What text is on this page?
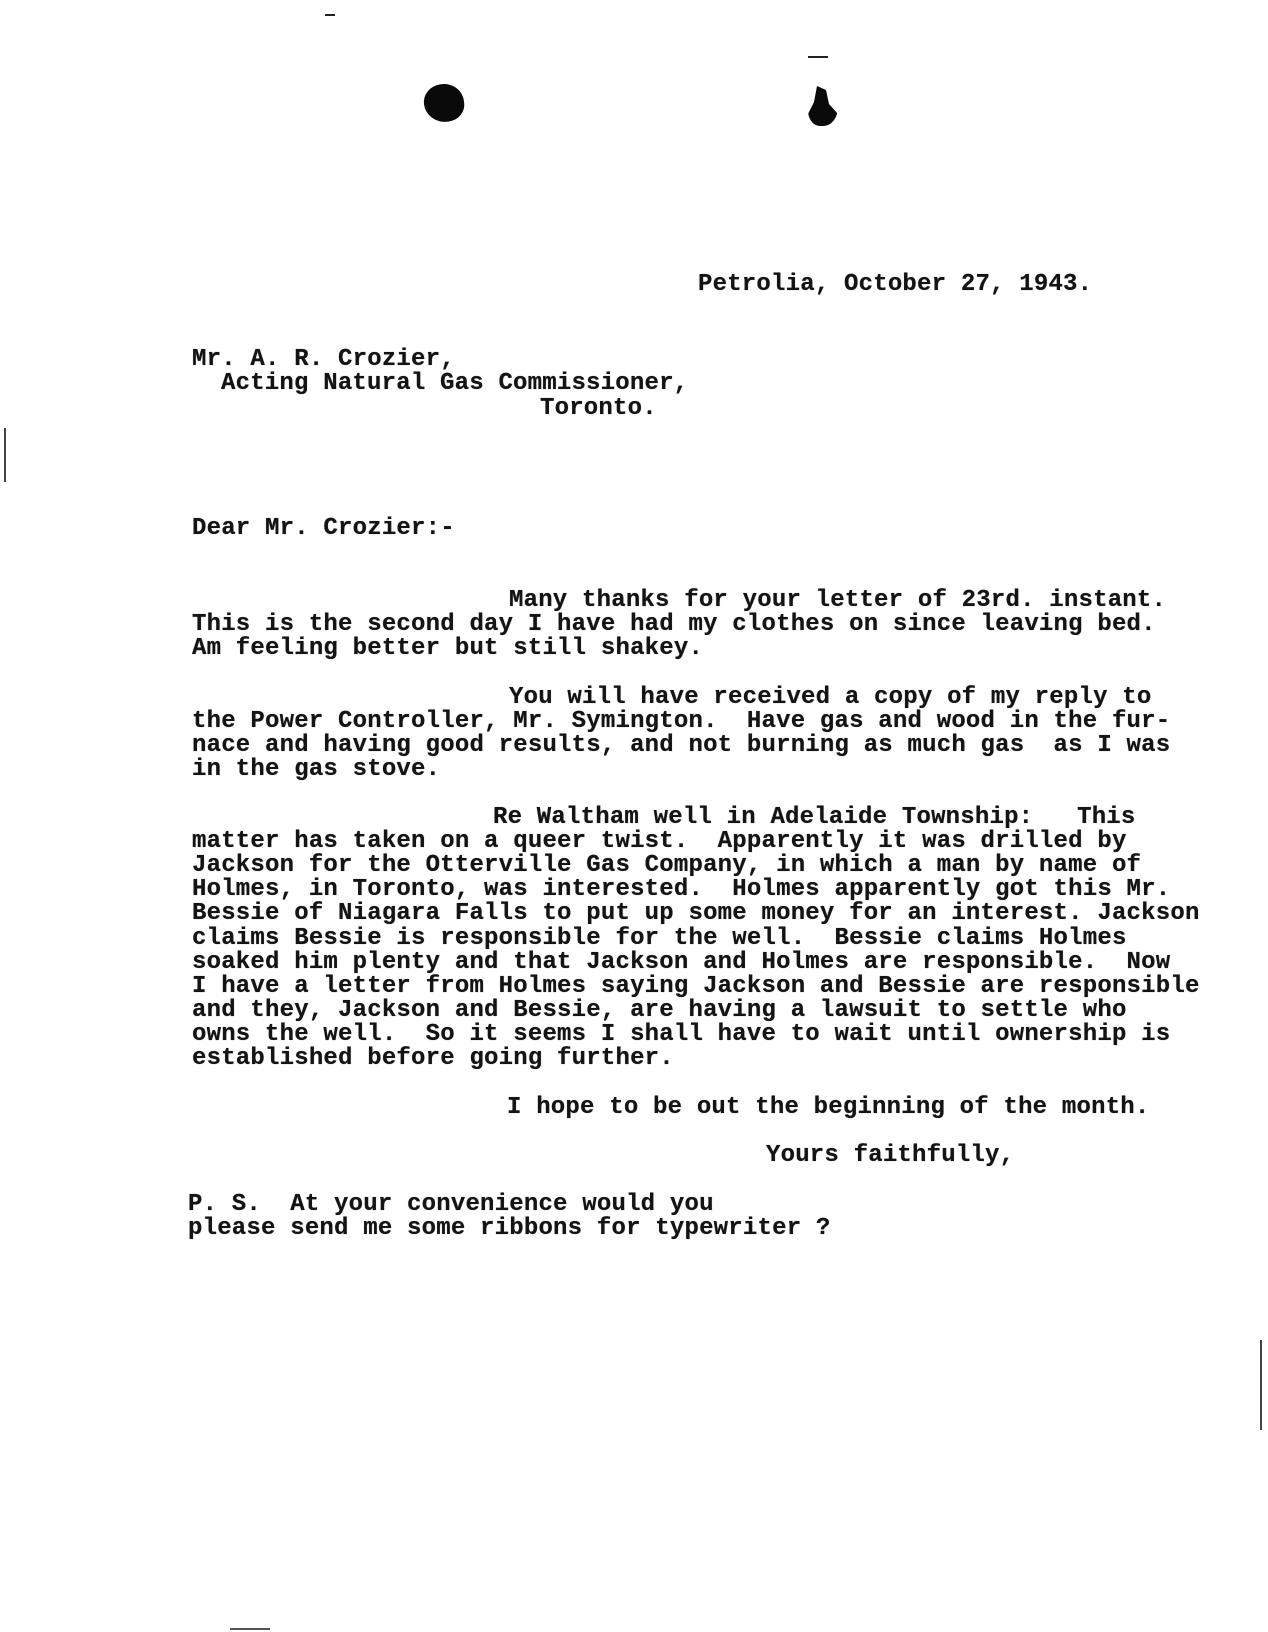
Petrolia, October 27, 1943.
Mr. A. R. Crozier,
Acting Natural Gas Commissioner,
Toronto.
Dear Mr. Crozier:-
Many thanks for your letter of 23rd. instant.
This is the second day I have had my clothes on since leaving bed.
Am feeling better but still shakey.
You will have received a copy of my reply to
the Power Controller, Mr. Symington.  Have gas and wood in the fur-
nace and having good results, and not burning as much gas  as I was
in the gas stove.
Re Waltham well in Adelaide Township:   This
matter has taken on a queer twist.  Apparently it was drilled by
Jackson for the Otterville Gas Company, in which a man by name of
Holmes, in Toronto, was interested.  Holmes apparently got this Mr.
Bessie of Niagara Falls to put up some money for an interest. Jackson
claims Bessie is responsible for the well.  Bessie claims Holmes
soaked him plenty and that Jackson and Holmes are responsible.  Now
I have a letter from Holmes saying Jackson and Bessie are responsible
and they, Jackson and Bessie, are having a lawsuit to settle who
owns the well.  So it seems I shall have to wait until ownership is
established before going further.
I hope to be out the beginning of the month.
Yours faithfully,
P. S.  At your convenience would you
please send me some ribbons for typewriter ?
